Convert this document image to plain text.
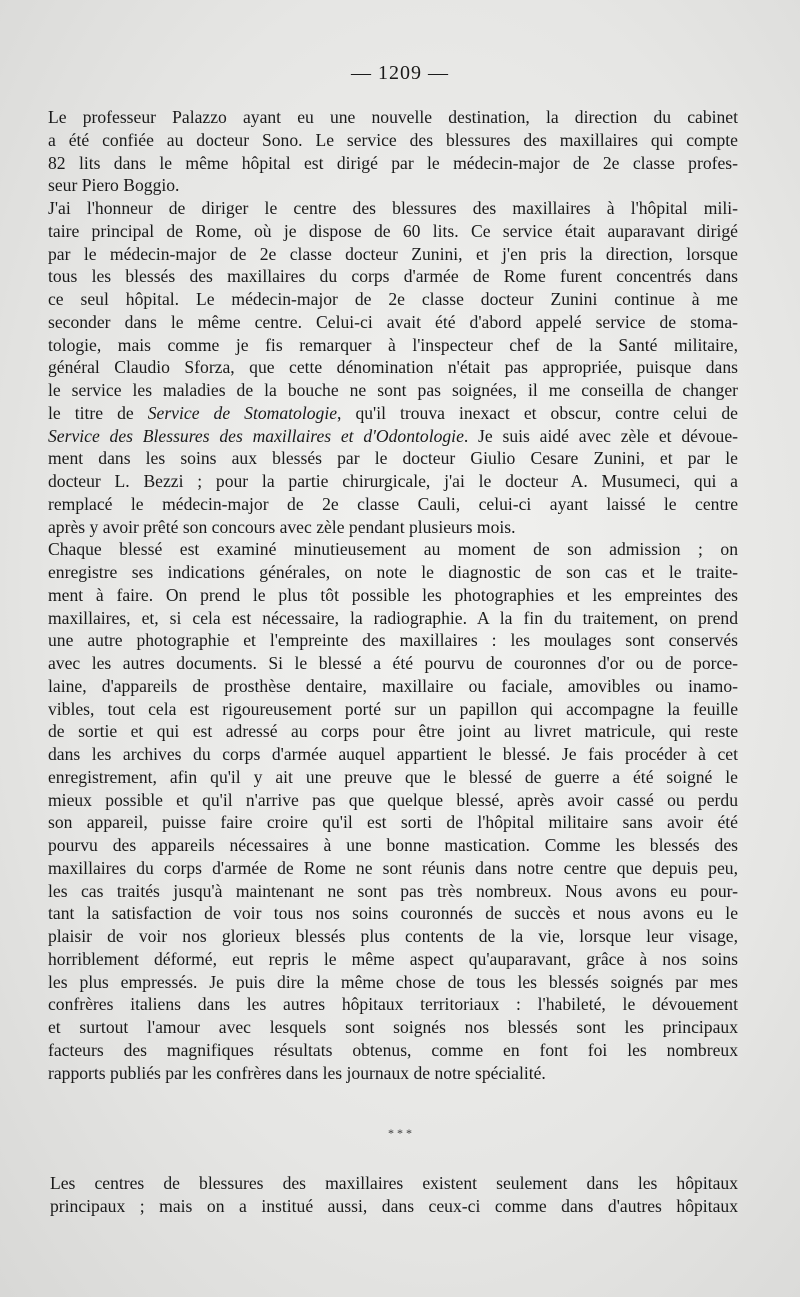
— 1209 —

Le professeur Palazzo ayant eu une nouvelle destination, la direction du cabinet
a été confiée au docteur Sono. Le service des blessures des maxillaires qui compte
82 lits dans le même hôpital est dirigé par le médecin-major de 2e classe profes-
seur Piero Boggio.

J'ai l'honneur de diriger le centre des blessures des maxillaires à l'hôpital mili-
taire principal de Rome, où je dispose de 60 lits. Ce service était auparavant dirigé
par le médecin-major de 2e classe docteur Zunini, et j'en pris la direction, lorsque
tous les blessés des maxillaires du corps d'armée de Rome furent concentrés dans
ce seul hôpital. Le médecin-major de 2e classe docteur Zunini continue à me
seconder dans le même centre. Celui-ci avait été d'abord appelé service de stoma-
tologie, mais comme je fis remarquer à l'inspecteur chef de la Santé militaire,
général Claudio Sforza, que cette dénomination n'était pas appropriée, puisque dans
le service les maladies de la bouche ne sont pas soignées, il me conseilla de changer
le titre de Service de Stomatologie, qu'il trouva inexact et obscur, contre celui de
Service des Blessures des maxillaires et d'Odontologie. Je suis aidé avec zèle et dévoue-
ment dans les soins aux blessés par le docteur Giulio Cesare Zunini, et par le
docteur L. Bezzi ; pour la partie chirurgicale, j'ai le docteur A. Musumeci, qui a
remplacé le médecin-major de 2e classe Cauli, celui-ci ayant laissé le centre
après y avoir prêté son concours avec zèle pendant plusieurs mois.

Chaque blessé est examiné minutieusement au moment de son admission ; on
enregistre ses indications générales, on note le diagnostic de son cas et le traite-
ment à faire. On prend le plus tôt possible les photographies et les empreintes des
maxillaires, et, si cela est nécessaire, la radiographie. A la fin du traitement, on prend
une autre photographie et l'empreinte des maxillaires : les moulages sont conservés
avec les autres documents. Si le blessé a été pourvu de couronnes d'or ou de porce-
laine, d'appareils de prosthèse dentaire, maxillaire ou faciale, amovibles ou inamo-
vibles, tout cela est rigoureusement porté sur un papillon qui accompagne la feuille
de sortie et qui est adressé au corps pour être joint au livret matricule, qui reste
dans les archives du corps d'armée auquel appartient le blessé. Je fais procéder à cet
enregistrement, afin qu'il y ait une preuve que le blessé de guerre a été soigné le
mieux possible et qu'il n'arrive pas que quelque blessé, après avoir cassé ou perdu
son appareil, puisse faire croire qu'il est sorti de l'hôpital militaire sans avoir été
pourvu des appareils nécessaires à une bonne mastication. Comme les blessés des
maxillaires du corps d'armée de Rome ne sont réunis dans notre centre que depuis peu,
les cas traités jusqu'à maintenant ne sont pas très nombreux. Nous avons eu pour-
tant la satisfaction de voir tous nos soins couronnés de succès et nous avons eu le
plaisir de voir nos glorieux blessés plus contents de la vie, lorsque leur visage,
horriblement déformé, eut repris le même aspect qu'auparavant, grâce à nos soins
les plus empressés. Je puis dire la même chose de tous les blessés soignés par mes
confrères italiens dans les autres hôpitaux territoriaux : l'habileté, le dévouement
et surtout l'amour avec lesquels sont soignés nos blessés sont les principaux
facteurs des magnifiques résultats obtenus, comme en font foi les nombreux
rapports publiés par les confrères dans les journaux de notre spécialité.

* * *

Les centres de blessures des maxillaires existent seulement dans les hôpitaux
principaux ; mais on a institué aussi, dans ceux-ci comme dans d'autres hôpitaux
